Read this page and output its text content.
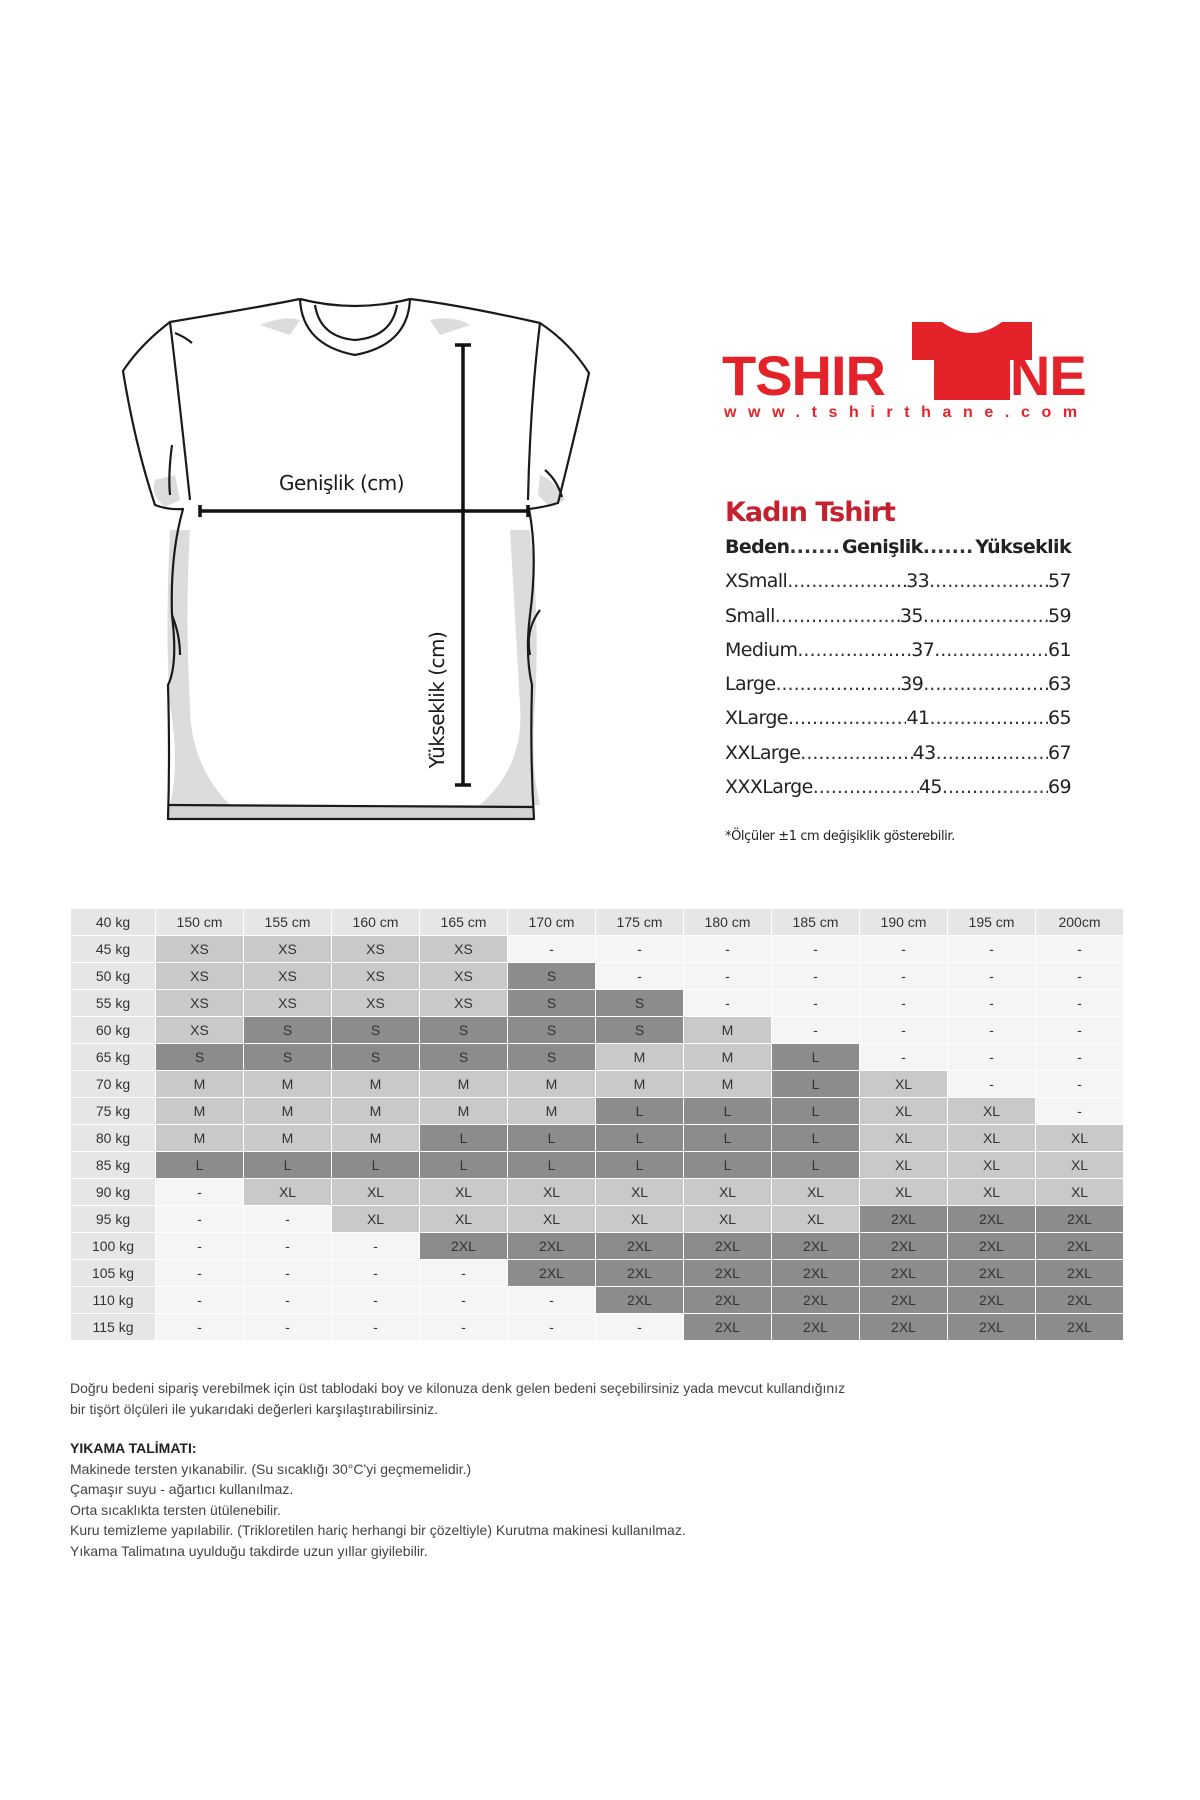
Genişlik (cm)
Yükseklik (cm)
TSHIR HANE
www.tshirthane.com
Kadın Tshirt
Beden .....	Genişlik .....	Yükseklik
XSmall .....	33 .....	57
Small .....	35 .....	59
Medium .....	37 .....	61
Large .....	39 .....	63
XLarge .....	41 .....	65
XXLarge .....	43 .....	67
XXXLarge .....	45 .....	69
*Ölçüler ±1 cm değişiklik gösterebilir.
40 kg	150 cm	155 cm	160 cm	165 cm	170 cm	175 cm	180 cm	185 cm	190 cm	195 cm	200cm
45 kg	XS	XS	XS	XS	-	-	-	-	-	-	-
50 kg	XS	XS	XS	XS	S	-	-	-	-	-	-
55 kg	XS	XS	XS	XS	S	S	-	-	-	-	-
60 kg	XS	S	S	S	S	S	M	-	-	-	-
65 kg	S	S	S	S	S	M	M	L	-	-	-
70 kg	M	M	M	M	M	M	M	L	XL	-	-
75 kg	M	M	M	M	M	L	L	L	XL	XL	-
80 kg	M	M	M	L	L	L	L	L	XL	XL	XL
85 kg	L	L	L	L	L	L	L	L	XL	XL	XL
90 kg	-	XL	XL	XL	XL	XL	XL	XL	XL	XL	XL
95 kg	-	-	XL	XL	XL	XL	XL	XL	2XL	2XL	2XL
100 kg	-	-	-	2XL	2XL	2XL	2XL	2XL	2XL	2XL	2XL
105 kg	-	-	-	-	2XL	2XL	2XL	2XL	2XL	2XL	2XL
110 kg	-	-	-	-	-	2XL	2XL	2XL	2XL	2XL	2XL
115 kg	-	-	-	-	-	-	2XL	2XL	2XL	2XL	2XL
Doğru bedeni sipariş verebilmek için üst tablodaki boy ve kilonuza denk gelen bedeni seçebilirsiniz yada mevcut kullandığınız
bir tişört ölçüleri ile yukarıdaki değerleri karşılaştırabilirsiniz.
YIKAMA TALİMATI:
Makinede tersten yıkanabilir. (Su sıcaklığı 30°C'yi geçmemelidir.)
Çamaşır suyu - ağartıcı kullanılmaz.
Orta sıcaklıkta tersten ütülenebilir.
Kuru temizleme yapılabilir. (Trikloretilen hariç herhangi bir çözeltiyle) Kurutma makinesi kullanılmaz.
Yıkama Talimatına uyulduğu takdirde uzun yıllar giyilebilir.
